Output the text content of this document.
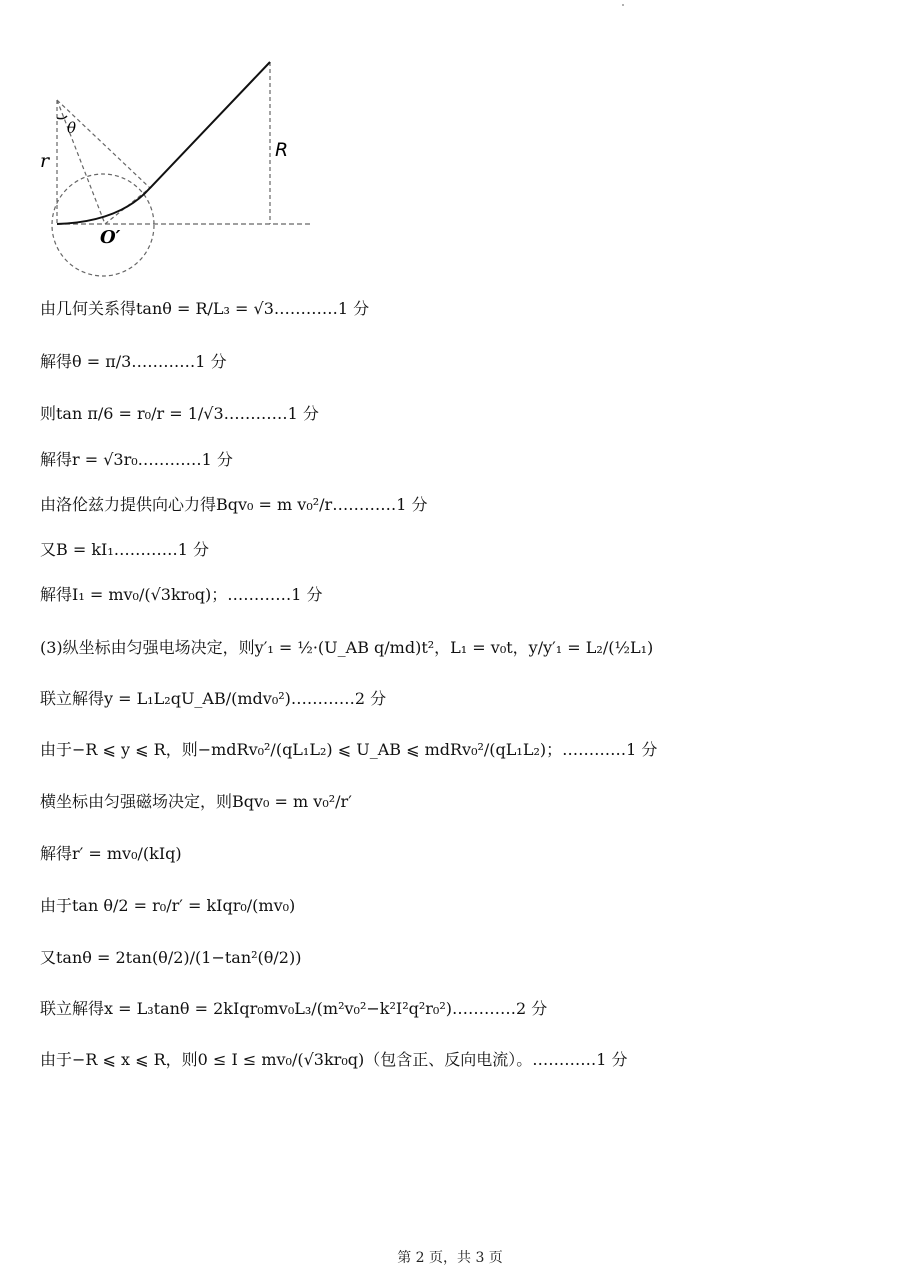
θ
r	R
O′
由几何关系得tanθ = R/L₃ = √3…………1 分
解得θ = π/3…………1 分
则tan π/6 = r₀/r = 1/√3…………1 分
解得r = √3r₀…………1 分
由洛伦兹力提供向心力得Bqv₀ = m v₀²/r…………1 分
又B = kI₁…………1 分
解得I₁ = mv₀/(√3kr₀q)；…………1 分
(3)纵坐标由匀强电场决定，则y′₁ = ½·(U_AB q/md)t²，L₁ = v₀t，y/y′₁ = L₂/(½L₁)
联立解得y = L₁L₂qU_AB/(mdv₀²)…………2 分
由于−R ⩽ y ⩽ R，则−mdRv₀²/(qL₁L₂) ⩽ U_AB ⩽ mdRv₀²/(qL₁L₂)；…………1 分
横坐标由匀强磁场决定，则Bqv₀ = m v₀²/r′
解得r′ = mv₀/(kIq)
由于tan θ/2 = r₀/r′ = kIqr₀/(mv₀)
又tanθ = 2tan(θ/2)/(1−tan²(θ/2))
联立解得x = L₃tanθ = 2kIqr₀mv₀L₃/(m²v₀²−k²I²q²r₀²)…………2 分
由于−R ⩽ x ⩽ R，则0 ≤ I ≤ mv₀/(√3kr₀q)（包含正、反向电流）。…………1 分
第 2 页，共 3 页
